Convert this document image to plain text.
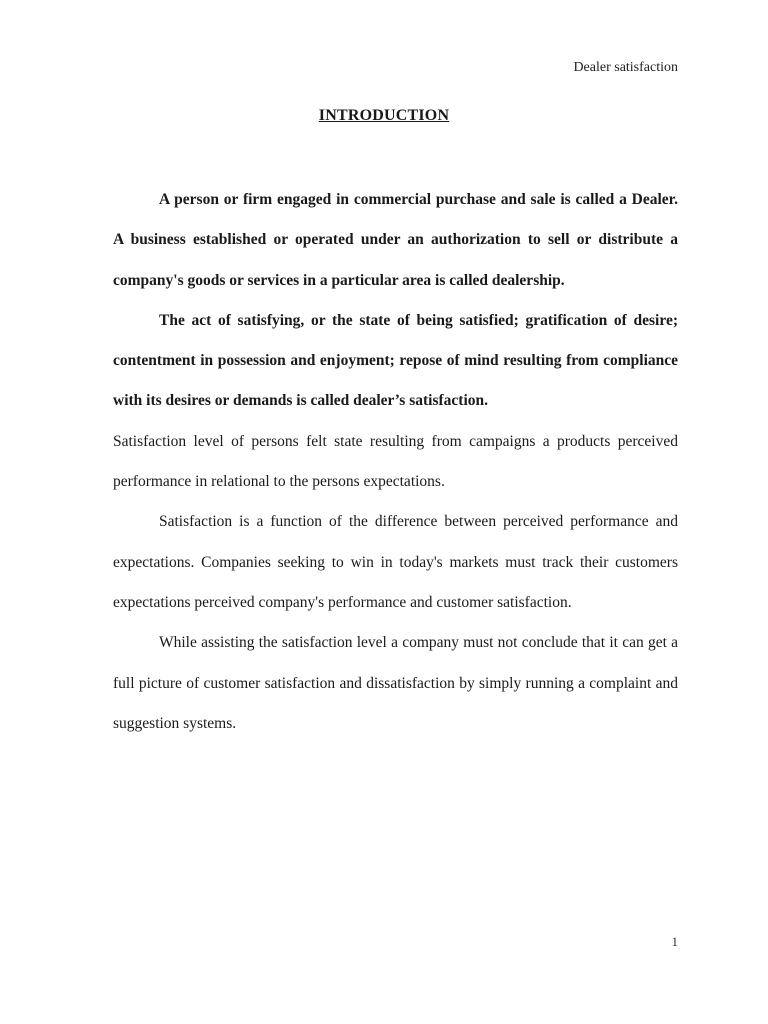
Dealer satisfaction
INTRODUCTION

A person or firm engaged in commercial purchase and sale is called a Dealer. A business established or operated under an authorization to sell or distribute a company's goods or services in a particular area is called dealership.

The act of satisfying, or the state of being satisfied; gratification of desire; contentment in possession and enjoyment; repose of mind resulting from compliance with its desires or demands is called dealer’s satisfaction.

Satisfaction level of persons felt state resulting from campaigns a products perceived performance in relational to the persons expectations.

Satisfaction is a function of the difference between perceived performance and expectations. Companies seeking to win in today's markets must track their customers expectations perceived company's performance and customer satisfaction.

While assisting the satisfaction level a company must not conclude that it can get a full picture of customer satisfaction and dissatisfaction by simply running a complaint and suggestion systems.

1
